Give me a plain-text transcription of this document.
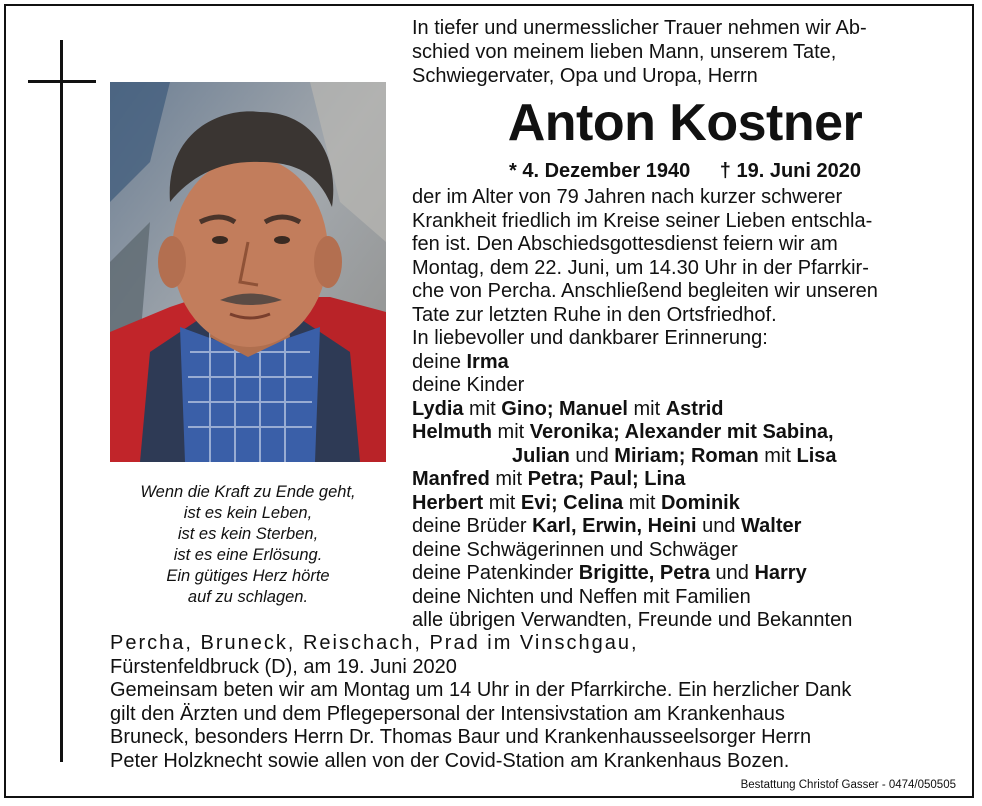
Wenn die Kraft zu Ende geht,
ist es kein Leben,
ist es kein Sterben,
ist es eine Erlösung.
Ein gütiges Herz hörte
auf zu schlagen.
In tiefer und unermesslicher Trauer nehmen wir Ab-
schied von meinem lieben Mann, unserem Tate,
Schwiegervater, Opa und Uropa, Herrn
Anton Kostner
* 4. Dezember 1940 † 19. Juni 2020
der im Alter von 79 Jahren nach kurzer schwerer
Krankheit friedlich im Kreise seiner Lieben entschla-
fen ist. Den Abschiedsgottesdienst feiern wir am
Montag, dem 22. Juni, um 14.30 Uhr in der Pfarrkir-
che von Percha. Anschließend begleiten wir unseren
Tate zur letzten Ruhe in den Ortsfriedhof.
In liebevoller und dankbarer Erinnerung:
deine Irma
deine Kinder
Lydia mit Gino; Manuel mit Astrid
Helmuth mit Veronika; Alexander mit Sabina,
Julian und Miriam; Roman mit Lisa
Manfred mit Petra; Paul; Lina
Herbert mit Evi; Celina mit Dominik
deine Brüder Karl, Erwin, Heini und Walter
deine Schwägerinnen und Schwäger
deine Patenkinder Brigitte, Petra und Harry
deine Nichten und Neffen mit Familien
alle übrigen Verwandten, Freunde und Bekannten
Percha, Bruneck, Reischach, Prad im Vinschgau,
Fürstenfeldbruck (D), am 19. Juni 2020
Gemeinsam beten wir am Montag um 14 Uhr in der Pfarrkirche. Ein herzlicher Dank
gilt den Ärzten und dem Pflegepersonal der Intensivstation am Krankenhaus
Bruneck, besonders Herrn Dr. Thomas Baur und Krankenhausseelsorger Herrn
Peter Holzknecht sowie allen von der Covid-Station am Krankenhaus Bozen.
Bestattung Christof Gasser - 0474/050505
